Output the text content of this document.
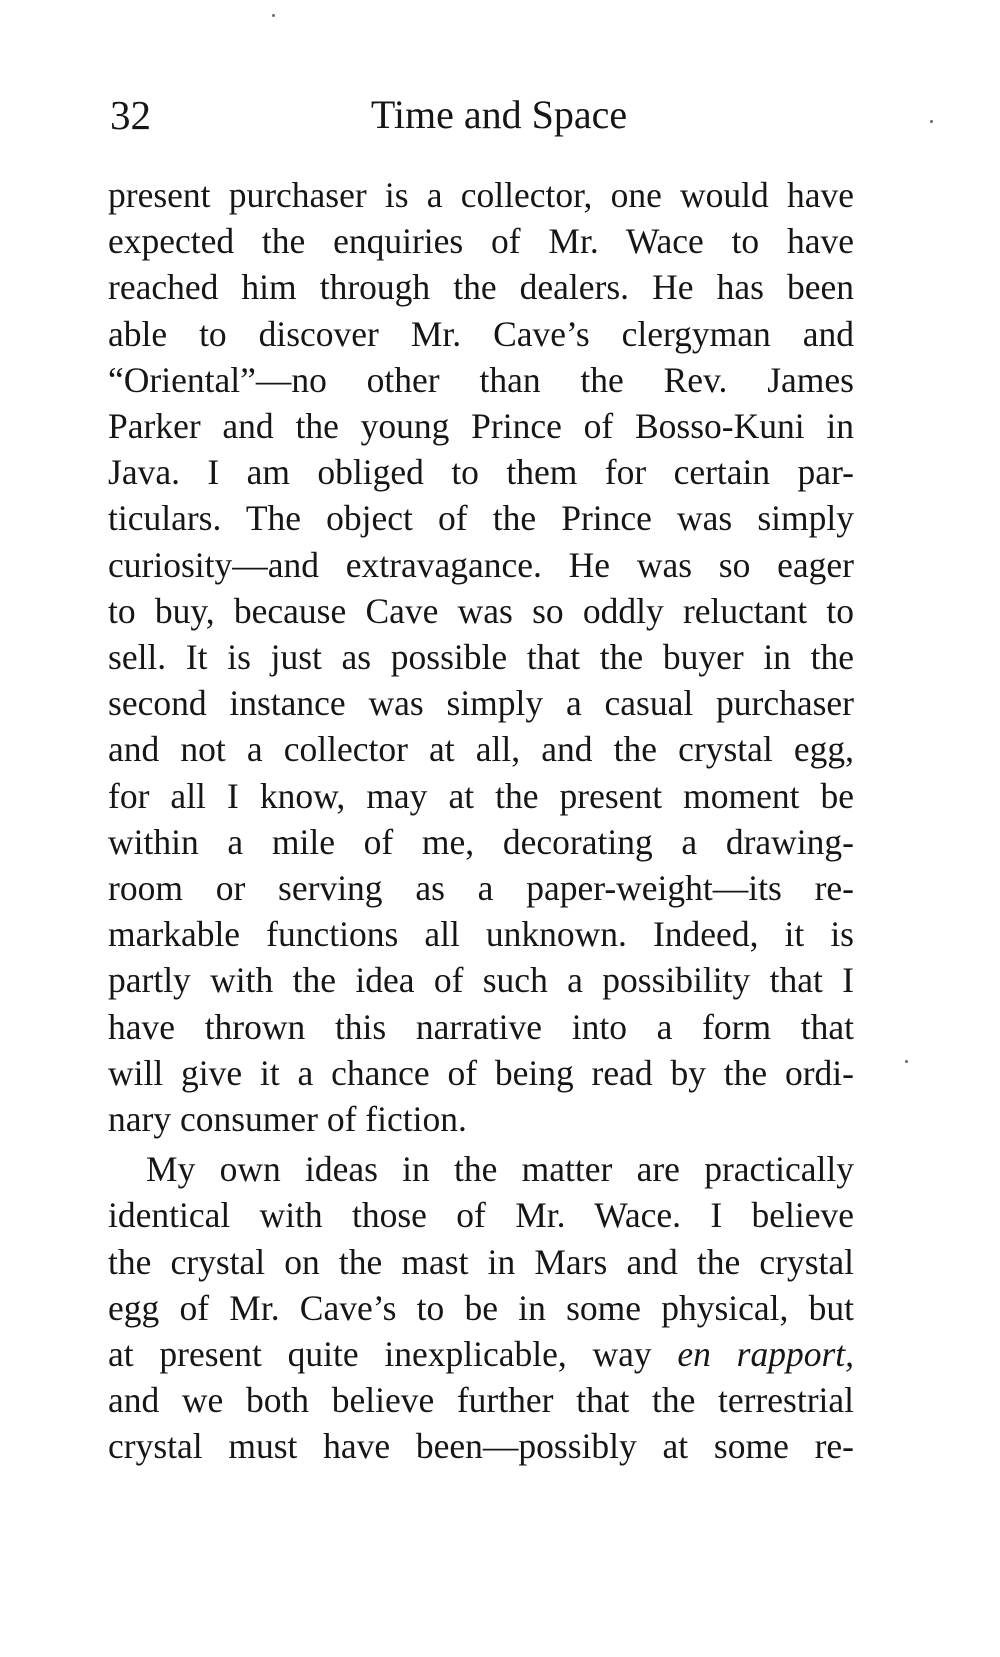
32	Time and Space

present purchaser is a collector, one would have
expected the enquiries of Mr. Wace to have
reached him through the dealers. He has been
able to discover Mr. Cave’s clergyman and
“Oriental”—no other than the Rev. James
Parker and the young Prince of Bosso-Kuni in
Java. I am obliged to them for certain par-
ticulars. The object of the Prince was simply
curiosity—and extravagance. He was so eager
to buy, because Cave was so oddly reluctant to
sell. It is just as possible that the buyer in the
second instance was simply a casual purchaser
and not a collector at all, and the crystal egg,
for all I know, may at the present moment be
within a mile of me, decorating a drawing-
room or serving as a paper-weight—its re-
markable functions all unknown. Indeed, it is
partly with the idea of such a possibility that I
have thrown this narrative into a form that
will give it a chance of being read by the ordi-
nary consumer of fiction.

My own ideas in the matter are practically
identical with those of Mr. Wace. I believe
the crystal on the mast in Mars and the crystal
egg of Mr. Cave’s to be in some physical, but
at present quite inexplicable, way en rapport,
and we both believe further that the terrestrial
crystal must have been—possibly at some re-
